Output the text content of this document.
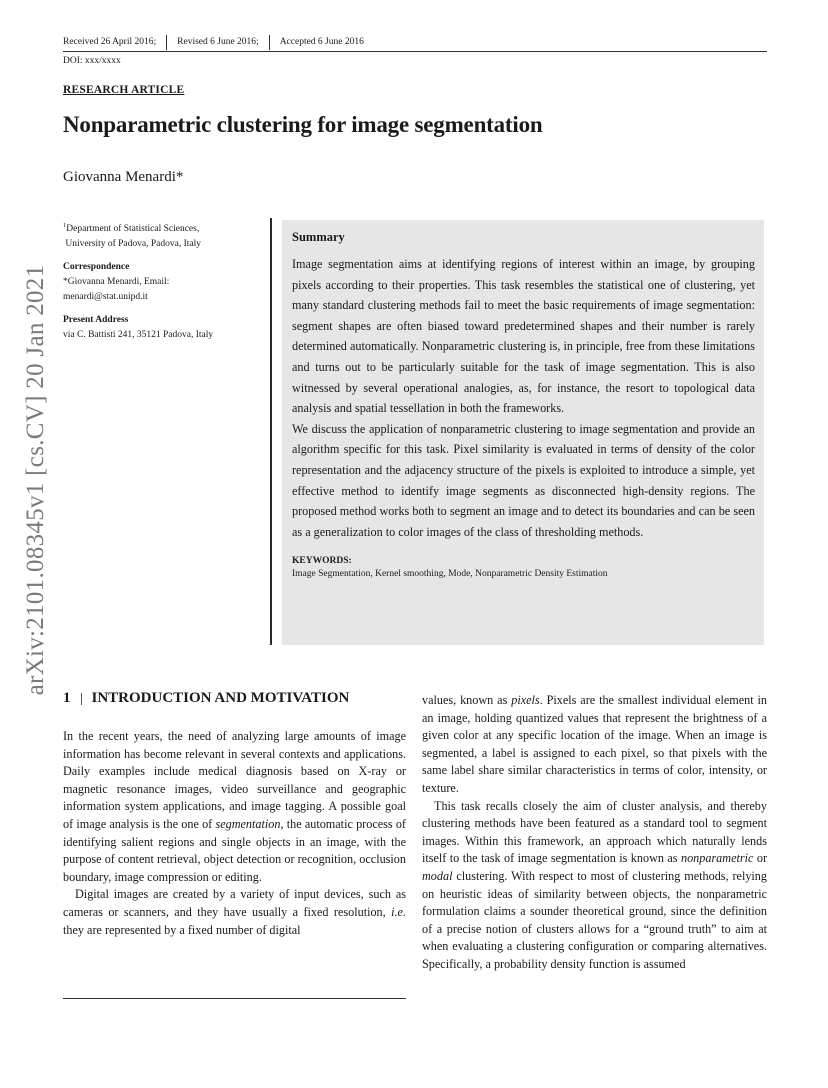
Received 26 April 2016; Revised 6 June 2016; Accepted 6 June 2016
DOI: xxx/xxxx
RESEARCH ARTICLE
Nonparametric clustering for image segmentation
Giovanna Menardi*
$^1$Department of Statistical Sciences,
University of Padova, Padova, Italy
Correspondence
*Giovanna Menardi, Email:
menardi@stat.unipd.it
Present Address
via C. Battisti 241, 35121 Padova, Italy
Summary

Image segmentation aims at identifying regions of interest within an image, by grouping pixels according to their properties. This task resembles the statistical one of clustering, yet many standard clustering methods fail to meet the basic requirements of image segmentation: segment shapes are often biased toward predetermined shapes and their number is rarely determined automatically. Nonparametric clustering is, in principle, free from these limitations and turns out to be particularly suitable for the task of image segmentation. This is also witnessed by several operational analogies, as, for instance, the resort to topological data analysis and spatial tessellation in both the frameworks.

We discuss the application of nonparametric clustering to image segmentation and provide an algorithm specific for this task. Pixel similarity is evaluated in terms of density of the color representation and the adjacency structure of the pixels is exploited to introduce a simple, yet effective method to identify image segments as disconnected high-density regions. The proposed method works both to segment an image and to detect its boundaries and can be seen as a generalization to color images of the class of thresholding methods.

KEYWORDS:
Image Segmentation, Kernel smoothing, Mode, Nonparametric Density Estimation
arXiv:2101.08345v1 [cs.CV] 20 Jan 2021
1 INTRODUCTION AND MOTIVATION

In the recent years, the need of analyzing large amounts of image information has become relevant in several contexts and applications. Daily examples include medical diagnosis based on X-ray or magnetic resonance images, video surveillance and geographic information system applications, and image tagging. A possible goal of image analysis is the one of segmentation, the automatic process of identifying salient regions and single objects in an image, with the purpose of content retrieval, object detection or recognition, occlusion boundary, image compression or editing.

Digital images are created by a variety of input devices, such as cameras or scanners, and they have usually a fixed resolution, i.e. they are represented by a fixed number of digital

values, known as pixels. Pixels are the smallest individual element in an image, holding quantized values that represent the brightness of a given color at any specific location of the image. When an image is segmented, a label is assigned to each pixel, so that pixels with the same label share similar characteristics in terms of color, intensity, or texture.

This task recalls closely the aim of cluster analysis, and thereby clustering methods have been featured as a standard tool to segment images. Within this framework, an approach which naturally lends itself to the task of image segmentation is known as nonparametric or modal clustering. With respect to most of clustering methods, relying on heuristic ideas of similarity between objects, the nonparametric formulation claims a sounder theoretical ground, since the definition of a precise notion of clusters allows for a “ground truth” to aim at when evaluating a clustering configuration or comparing alternatives. Specifically, a probability density function is assumed
